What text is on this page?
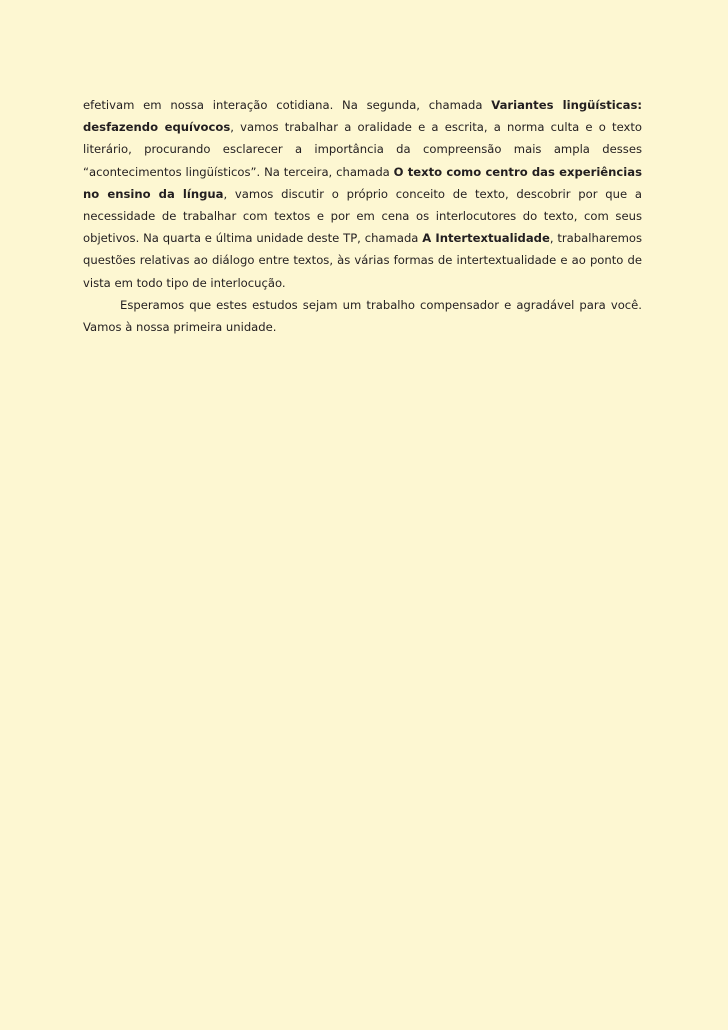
efetivam em nossa interação cotidiana. Na segunda, chamada Variantes lingüísticas: desfazendo equívocos, vamos trabalhar a oralidade e a escrita, a norma culta e o texto literário, procurando esclarecer a importância da compreensão mais ampla desses “acontecimentos lingüísticos”. Na terceira, chamada O texto como centro das experiências no ensino da língua, vamos discutir o próprio conceito de texto, descobrir por que a necessidade de trabalhar com textos e por em cena os interlocutores do texto, com seus objetivos. Na quarta e última unidade deste TP, chamada A Intertextualidade, trabalharemos questões relativas ao diálogo entre textos, às várias formas de intertextualidade e ao ponto de vista em todo tipo de interlocução.

Esperamos que estes estudos sejam um trabalho compensador e agradável para você. Vamos à nossa primeira unidade.
